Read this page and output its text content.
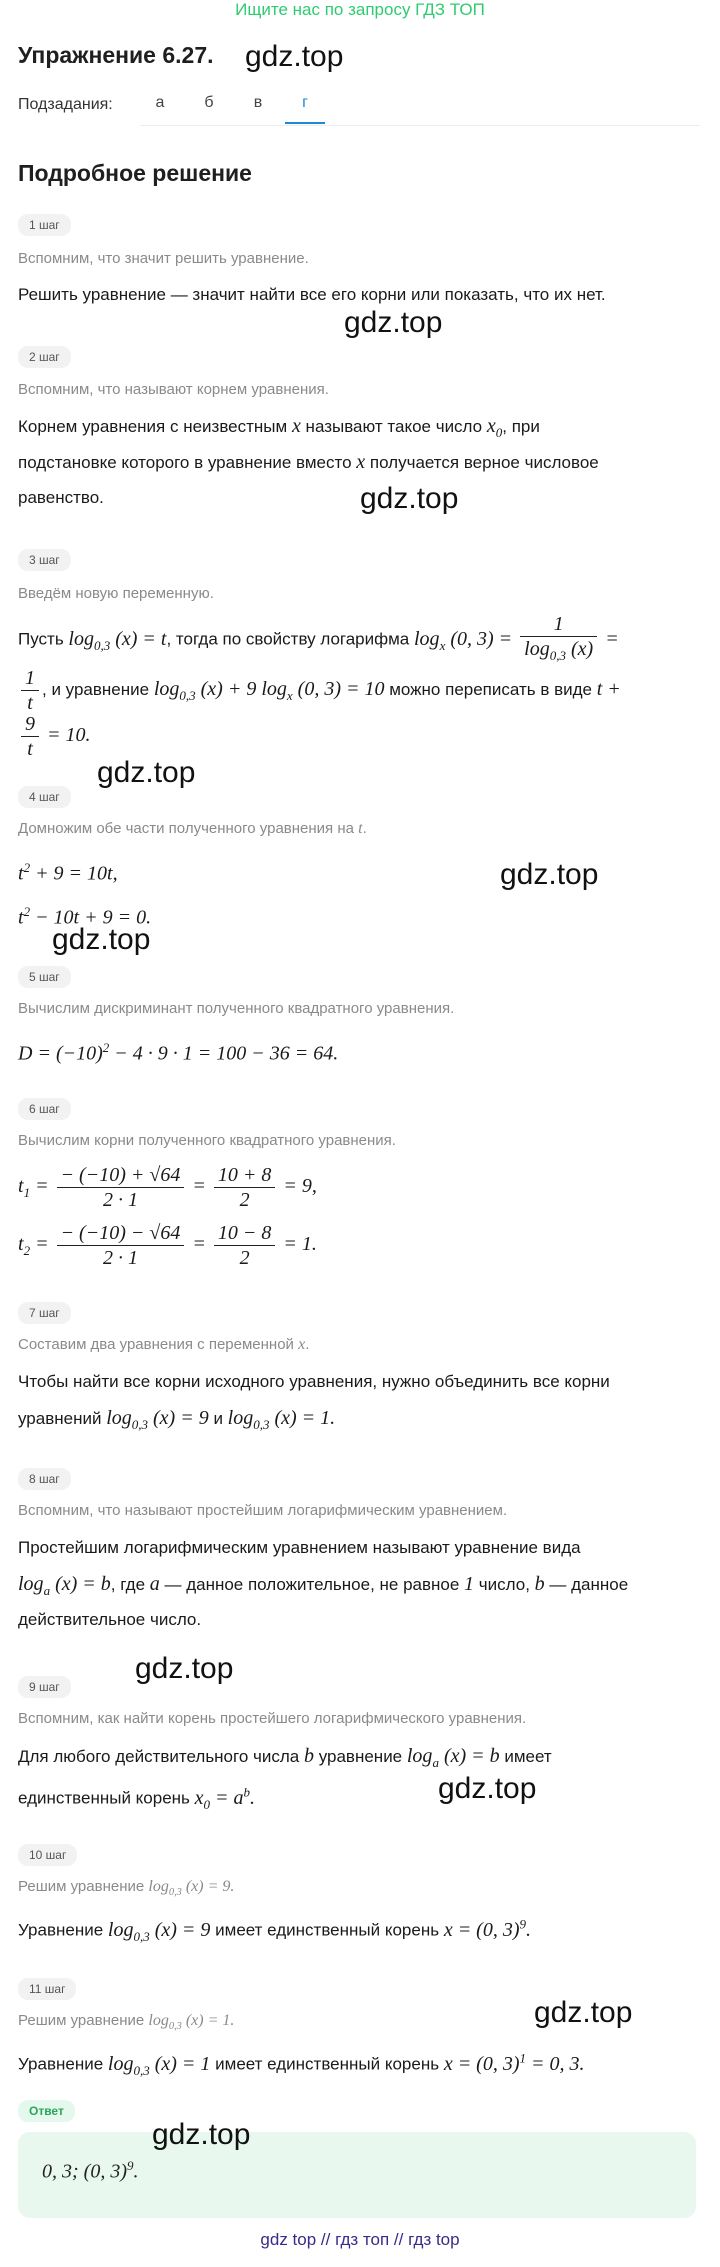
Ищите нас по запросу ГДЗ ТОП
Упражнение 6.27. gdz.top
Подзадания:	а	б	в	г
Подробное решение
1 шаг
Вспомним, что значит решить уравнение.
Решить уравнение — значит найти все его корни или показать, что их нет.
gdz.top
2 шаг
Вспомним, что называют корнем уравнения.
Корнем уравнения с неизвестным x называют такое число $x_0$, при
подстановке которого в уравнение вместо x получается верное числовое
равенство.	gdz.top
3 шаг
Введём новую переменную.
Пусть $\log_{0,3} (x) = t$, тогда по свойству логарифма $\log_x (0$, $3) = \frac{1}{\log_{0,3} (x)}$ =
$\frac{1}{t}$ , и уравнение $\log_{0,3} (x) + 9$ $\log_x (0$, 3) = 10 можно переписать в виде t +
$\frac{9}{t} = 10$.
gdz.top
4 шаг
Домножим обе части полученного уравнения на t.
$t^2 + 9 = 10t$,	gdz.top
$t^2 - 10t + 9 = 0$.
gdz.top
5 шаг
Вычислим дискриминант полученного квадратного уравнения.
$D = (-10)^2 - 4 \cdot 9 \cdot 1 = 100 - 36 = 64$.
6 шаг
Вычислим корни полученного квадратного уравнения.
$t_1 = \frac{- (-10) + √64}{2 \cdot 1} = \frac{10 + 8}{2} = 9$,
$t_2 = \frac{- (-10) - √64}{2 \cdot 1} = \frac{10 - 8}{2} = 1$.
7 шаг
Составим два уравнения с переменной x.
Чтобы найти все корни исходного уравнения, нужно объединить все корни
уравнений $\log_{0,3} (x) = 9$ и $\log_{0,3} (x) = 1$.
8 шаг
Вспомним, что называют простейшим логарифмическим уравнением.
Простейшим логарифмическим уравнением называют уравнение вида
$\log_a (x) = b$, где a — данное положительное, не равное 1 число, b — данное
действительное число.
gdz.top
9 шаг
Вспомним, как найти корень простейшего логарифмического уравнения.
Для любого действительного числа b уравнение $\log_a (x) = b$ имеет
единственный корень $x_0 = a^b$.	gdz.top
10 шаг
Решим уравнение $\log_{0,3} (x) = 9$.
Уравнение $\log_{0,3} (x) = 9$ имеет единственный корень x = (0, 3)$^9$.
11 шаг
gdz.top
Решим уравнение $\log_{0,3} (x) = 1$.
Уравнение $\log_{0,3} (x) = 1$ имеет единственный корень x = (0, 3)$^1$ = 0, 3.
Ответ
gdz.top
0, 3; (0, 3)$^9$.
gdz top // гдз топ // гдз top
